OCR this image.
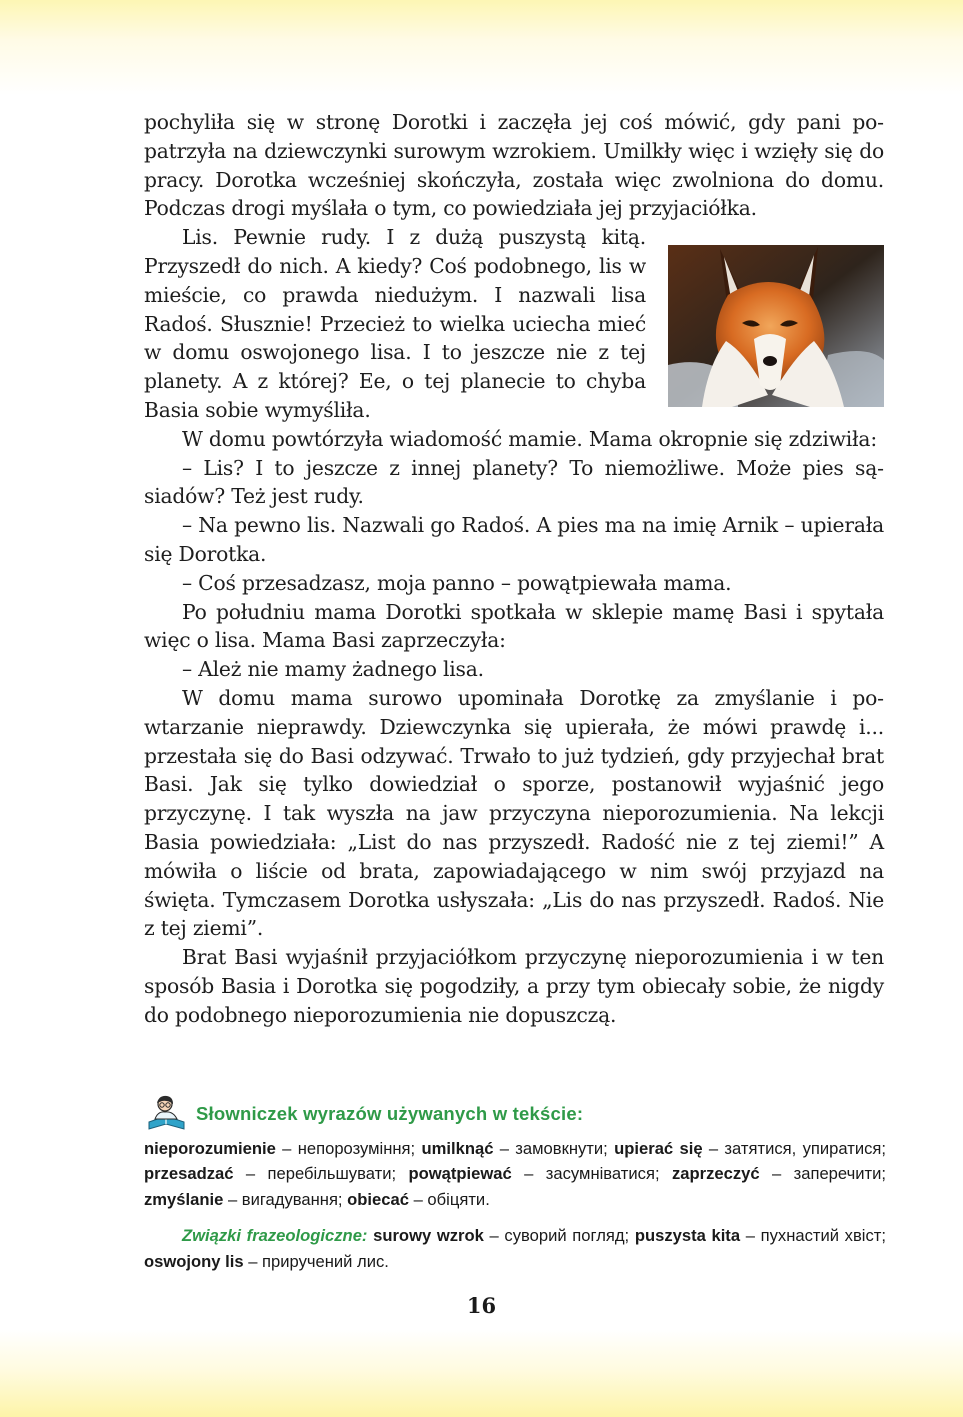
pochyliła się w stronę Dorotki i zaczęła jej coś mówić, gdy pani popatrzyła na dziewczynki surowym wzrokiem. Umilkły więc i wzięły się do pracy. Dorotka wcześniej skończyła, została więc zwolniona do domu. Podczas drogi myślała o tym, co powiedziała jej przyjaciółka.

Lis. Pewnie rudy. I z dużą puszystą kitą. Przyszedł do nich. A kiedy? Coś podobnego, lis w mieście, co prawda niedużym. I nazwali lisa Radoś. Słusznie! Przecież to wielka uciecha mieć w domu oswojonego lisa. I to jeszcze nie z tej planety. A z której? Ee, o tej planecie to chyba Basia sobie wymyśliła.

W domu powtórzyła wiadomość mamie. Mama okropnie się zdziwiła:

– Lis? I to jeszcze z innej planety? To niemożliwe. Może pies sąsiadów? Też jest rudy.

– Na pewno lis. Nazwali go Radoś. A pies ma na imię Arnik – upierała się Dorotka.

– Coś przesadzasz, moja panno – powątpiewała mama.

Po południu mama Dorotki spotkała w sklepie mamę Basi i spytała więc o lisa. Mama Basi zaprzeczyła:

– Ależ nie mamy żadnego lisa.

W domu mama surowo upominała Dorotkę za zmyślanie i powtarzanie nieprawdy. Dziewczynka się upierała, że mówi prawdę i... przestała się do Basi odzywać. Trwało to już tydzień, gdy przyjechał brat Basi. Jak się tylko dowiedział o sporze, postanowił wyjaśnić jego przyczynę. I tak wyszła na jaw przyczyna nieporozumienia. Na lekcji Basia powiedziała: „List do nas przyszedł. Radość nie z tej ziemi!” A mówiła o liście od brata, zapowiadającego w nim swój przyjazd na święta. Tymczasem Dorotka usłyszała: „Lis do nas przyszedł. Radoś. Nie z tej ziemi”.

Brat Basi wyjaśnił przyjaciółkom przyczynę nieporozumienia i w ten sposób Basia i Dorotka się pogodziły, a przy tym obiecały sobie, że nigdy do podobnego nieporozumienia nie dopuszczą.

Słowniczek wyrazów używanych w tekście:

nieporozumienie – непорозуміння; umilknąć – замовкнути; upierać się – затятися, упиратися; przesadzać – перебільшувати; powątpiewać – засумніватися; zaprzeczyć – заперечити; zmyślanie – вигадування; obiecać – обіцяти.

Związki frazeologiczne: surowy wzrok – суворий погляд; puszysta kita – пухнастий хвіст; oswojony lis – приручений лис.

16
